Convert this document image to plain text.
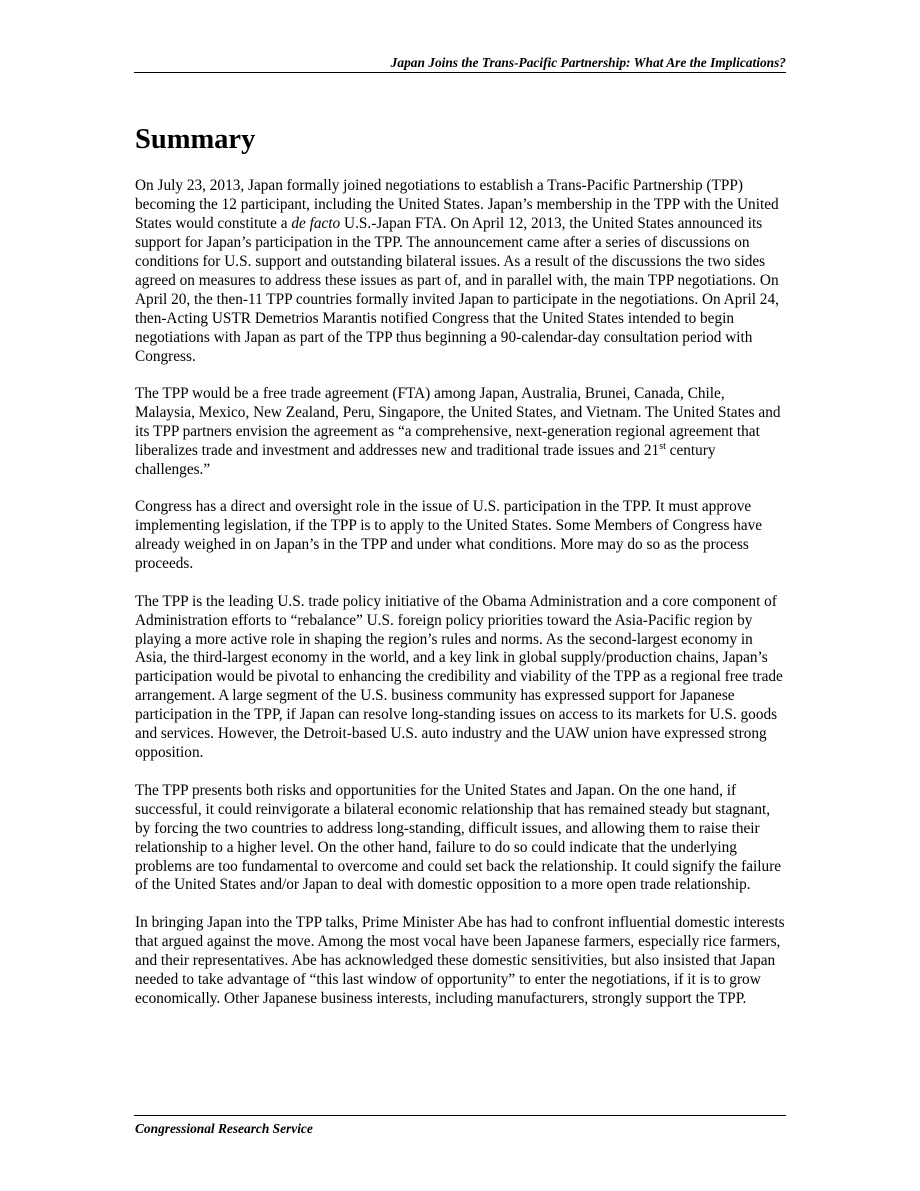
Japan Joins the Trans-Pacific Partnership: What Are the Implications?
Summary

On July 23, 2013, Japan formally joined negotiations to establish a Trans-Pacific Partnership (TPP) becoming the 12 participant, including the United States. Japan’s membership in the TPP with the United States would constitute a de facto U.S.-Japan FTA. On April 12, 2013, the United States announced its support for Japan’s participation in the TPP. The announcement came after a series of discussions on conditions for U.S. support and outstanding bilateral issues. As a result of the discussions the two sides agreed on measures to address these issues as part of, and in parallel with, the main TPP negotiations. On April 20, the then-11 TPP countries formally invited Japan to participate in the negotiations. On April 24, then-Acting USTR Demetrios Marantis notified Congress that the United States intended to begin negotiations with Japan as part of the TPP thus beginning a 90-calendar-day consultation period with Congress.

The TPP would be a free trade agreement (FTA) among Japan, Australia, Brunei, Canada, Chile, Malaysia, Mexico, New Zealand, Peru, Singapore, the United States, and Vietnam. The United States and its TPP partners envision the agreement as “a comprehensive, next-generation regional agreement that liberalizes trade and investment and addresses new and traditional trade issues and 21st century challenges.”

Congress has a direct and oversight role in the issue of U.S. participation in the TPP. It must approve implementing legislation, if the TPP is to apply to the United States. Some Members of Congress have already weighed in on Japan’s in the TPP and under what conditions. More may do so as the process proceeds.

The TPP is the leading U.S. trade policy initiative of the Obama Administration and a core component of Administration efforts to “rebalance” U.S. foreign policy priorities toward the Asia-Pacific region by playing a more active role in shaping the region’s rules and norms. As the second-largest economy in Asia, the third-largest economy in the world, and a key link in global supply/production chains, Japan’s participation would be pivotal to enhancing the credibility and viability of the TPP as a regional free trade arrangement. A large segment of the U.S. business community has expressed support for Japanese participation in the TPP, if Japan can resolve long-standing issues on access to its markets for U.S. goods and services. However, the Detroit-based U.S. auto industry and the UAW union have expressed strong opposition.

The TPP presents both risks and opportunities for the United States and Japan. On the one hand, if successful, it could reinvigorate a bilateral economic relationship that has remained steady but stagnant, by forcing the two countries to address long-standing, difficult issues, and allowing them to raise their relationship to a higher level. On the other hand, failure to do so could indicate that the underlying problems are too fundamental to overcome and could set back the relationship. It could signify the failure of the United States and/or Japan to deal with domestic opposition to a more open trade relationship.

In bringing Japan into the TPP talks, Prime Minister Abe has had to confront influential domestic interests that argued against the move. Among the most vocal have been Japanese farmers, especially rice farmers, and their representatives. Abe has acknowledged these domestic sensitivities, but also insisted that Japan needed to take advantage of “this last window of opportunity” to enter the negotiations, if it is to grow economically. Other Japanese business interests, including manufacturers, strongly support the TPP.

Congressional Research Service
